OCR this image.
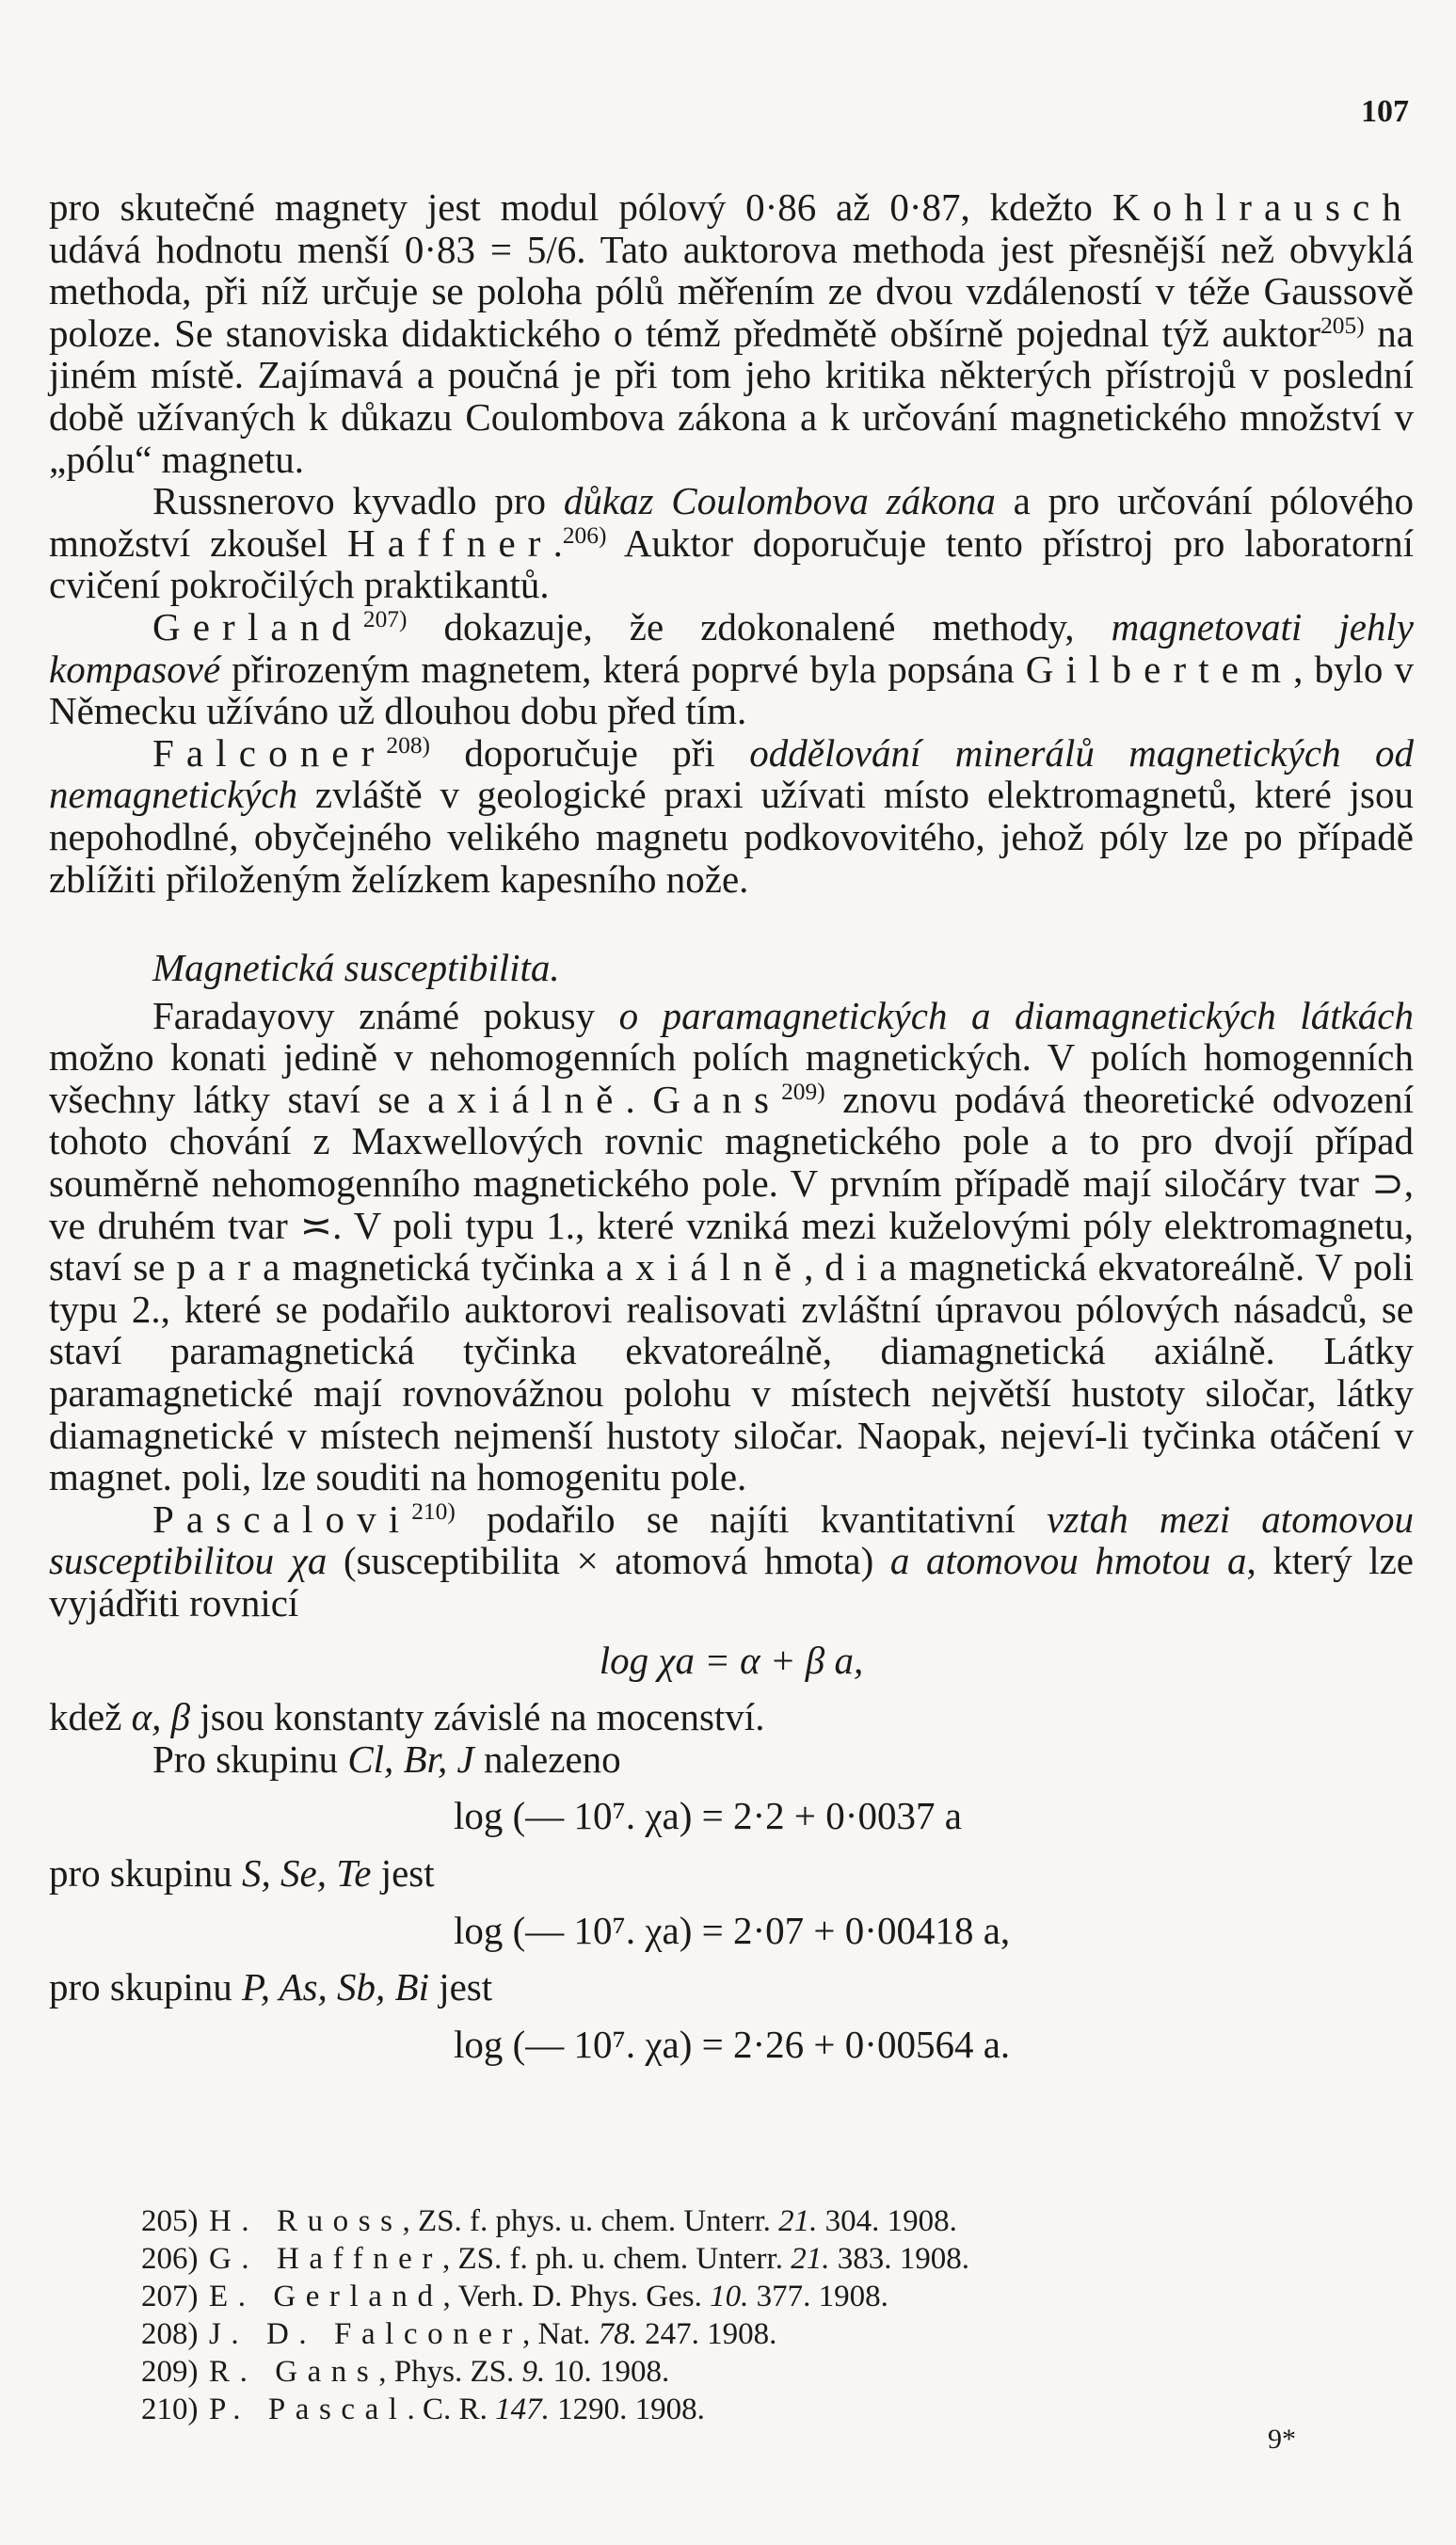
107

pro skutečné magnety jest modul pólový 0·86 až 0·87, kdežto Kohlrausch udává hodnotu menší 0·83 = 5/6. Tato auktorova methoda jest přesnější než obvyklá methoda, při níž určuje se poloha pólů měřením ze dvou vzdáleností v téže Gaussově poloze. Se stanoviska didaktického o témž předmětě obšírně pojednal týž auktor$^{205)}$ na jiném místě. Zajímavá a poučná je při tom jeho kritika některých přístrojů v poslední době užívaných k důkazu Coulombova zákona a k určování magnetického množství v „pólu“ magnetu.

Russnerovo kyvadlo pro důkaz Coulombova zákona a pro určování pólového množství zkoušel Haffner.$^{206)}$ Auktor doporučuje tento přístroj pro laboratorní cvičení pokročilých praktikantů.

Gerland$^{207)}$ dokazuje, že zdokonalené methody, magnetovati jehly kompasové přirozeným magnetem, která poprvé byla popsána Gilbertem, bylo v Německu užíváno už dlouhou dobu před tím.

Falconer$^{208)}$ doporučuje při oddělování minerálů magnetických od nemagnetických zvláště v geologické praxi užívati místo elektromagnetů, které jsou nepohodlné, obyčejného velikého magnetu podkovovitého, jehož póly lze po případě zblížiti přiloženým želízkem kapesního nože.

Magnetická susceptibilita.

Faradayovy známé pokusy o paramagnetických a diamagnetických látkách možno konati jedině v nehomogenních polích magnetických. V polích homogenních všechny látky staví se axiálně. Gans$^{209)}$ znovu podává theoretické odvození tohoto chování z Maxwellových rovnic magnetického pole a to pro dvojí případ souměrně nehomogenního magnetického pole. V prvním případě mají siločáry tvar ⊃, ve druhém tvar ≍. V poli typu 1., které vzniká mezi kuželovými póly elektromagnetu, staví se paramagnetická tyčinka axiálně, diamagnetická ekvatoreálně. V poli typu 2., které se podařilo auktorovi realisovati zvláštní úpravou pólových násadců, se staví paramagnetická tyčinka ekvatoreálně, diamagnetická axiálně. Látky paramagnetické mají rovnovážnou polohu v místech největší hustoty siločar, látky diamagnetické v místech nejmenší hustoty siločar. Naopak, nejeví-li tyčinka otáčení v magnet. poli, lze souditi na homogenitu pole.

Pascalovi$^{210)}$ podařilo se najíti kvantitativní vztah mezi atomovou susceptibilitou χa (susceptibilita × atomová hmota) a atomovou hmotou a, který lze vyjádřiti rovnicí

log χa = α + β a,

kdež α, β jsou konstanty závislé na mocenství.

Pro skupinu Cl, Br, J nalezeno

log (— 10⁷. χa) = 2·2 + 0·0037 a

pro skupinu S, Se, Te jest

log (— 10⁷. χa) = 2·07 + 0·00418 a,

pro skupinu P, As, Sb, Bi jest

log (— 10⁷. χa) = 2·26 + 0·00564 a.

205) H. Ruoss, ZS. f. phys. u. chem. Unterr. 21. 304. 1908.
206) G. Haffner, ZS. f. ph. u. chem. Unterr. 21. 383. 1908.
207) E. Gerland, Verh. D. Phys. Ges. 10. 377. 1908.
208) J. D. Falconer, Nat. 78. 247. 1908.
209) R. Gans, Phys. ZS. 9. 10. 1908.
210) P. Pascal. C. R. 147. 1290. 1908.
9*
